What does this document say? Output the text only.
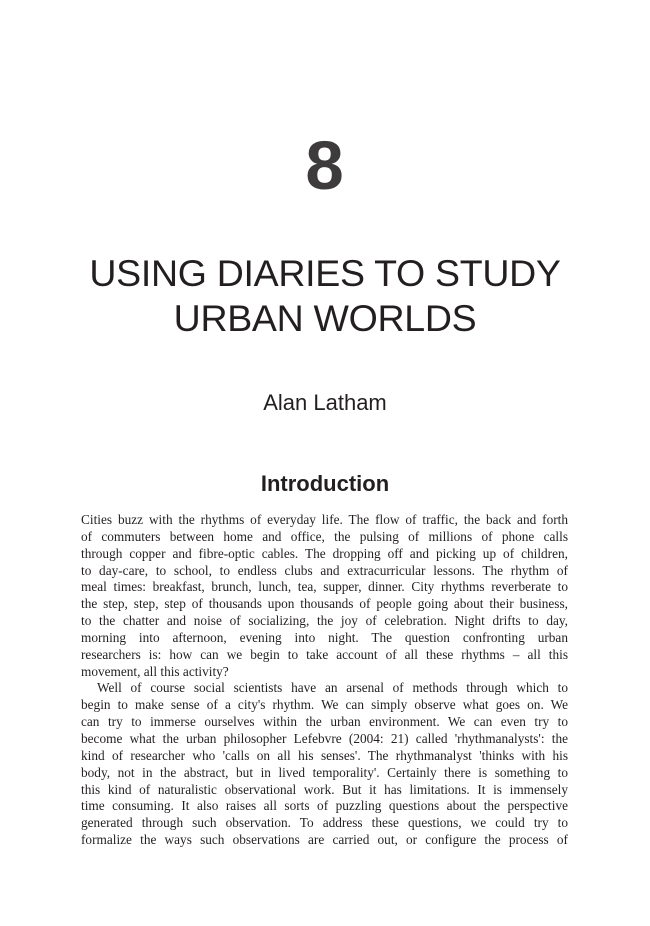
8
USING DIARIES TO STUDY
URBAN WORLDS
Alan Latham
Introduction
Cities buzz with the rhythms of everyday life. The flow of traffic, the back and forth
of commuters between home and office, the pulsing of millions of phone calls
through copper and fibre-optic cables. The dropping off and picking up of children,
to day-care, to school, to endless clubs and extracurricular lessons. The rhythm of
meal times: breakfast, brunch, lunch, tea, supper, dinner. City rhythms reverberate to
the step, step, step of thousands upon thousands of people going about their business,
to the chatter and noise of socializing, the joy of celebration. Night drifts to day,
morning into afternoon, evening into night. The question confronting urban
researchers is: how can we begin to take account of all these rhythms – all this
movement, all this activity?
Well of course social scientists have an arsenal of methods through which to
begin to make sense of a city's rhythm. We can simply observe what goes on. We
can try to immerse ourselves within the urban environment. We can even try to
become what the urban philosopher Lefebvre (2004: 21) called 'rhythmanalysts': the
kind of researcher who 'calls on all his senses'. The rhythmanalyst 'thinks with his
body, not in the abstract, but in lived temporality'. Certainly there is something to
this kind of naturalistic observational work. But it has limitations. It is immensely
time consuming. It also raises all sorts of puzzling questions about the perspective
generated through such observation. To address these questions, we could try to
formalize the ways such observations are carried out, or configure the process of
